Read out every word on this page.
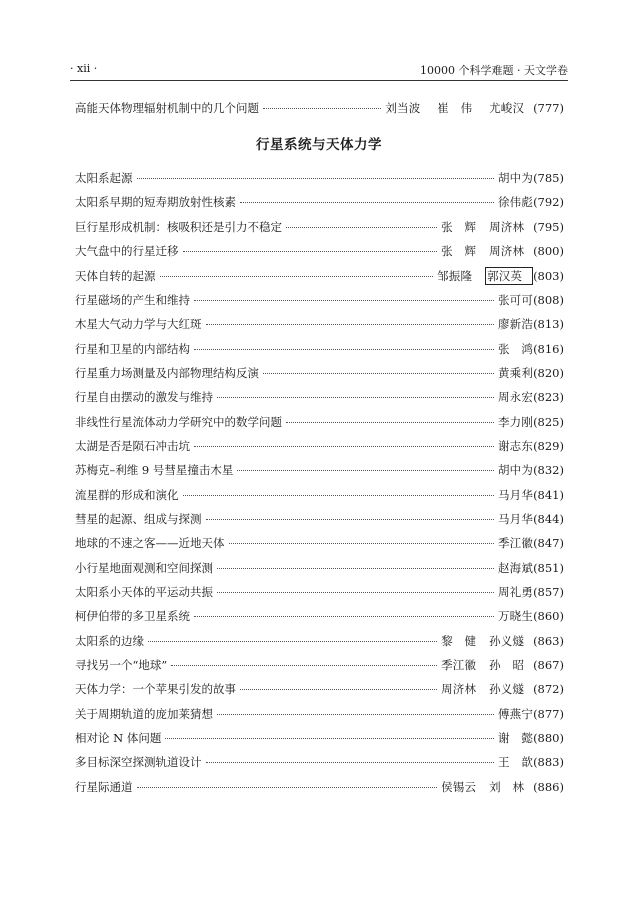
· xii ·	10000 个科学难题 · 天文学卷
高能天体物理辐射机制中的几个问题	刘当波 崔　伟 尤峻汉 (777)
行星系统与天体力学
太阳系起源	胡中为 (785)
太阳系早期的短寿期放射性核素	徐伟彪 (792)
巨行星形成机制：核吸积还是引力不稳定	张　辉 周济林 (795)
大气盘中的行星迁移	张　辉 周济林 (800)
天体自转的起源	邹振隆 郭汉英 (803)
行星磁场的产生和维持	张可可 (808)
木星大气动力学与大红斑	廖新浩 (813)
行星和卫星的内部结构	张　鸿 (816)
行星重力场测量及内部物理结构反演	黄乘利 (820)
行星自由摆动的激发与维持	周永宏 (823)
非线性行星流体动力学研究中的数学问题	李力刚 (825)
太湖是否是陨石冲击坑	谢志东 (829)
苏梅克–利维 9 号彗星撞击木星	胡中为 (832)
流星群的形成和演化	马月华 (841)
彗星的起源、组成与探测	马月华 (844)
地球的不速之客——近地天体	季江徽 (847)
小行星地面观测和空间探测	赵海斌 (851)
太阳系小天体的平运动共振	周礼勇 (857)
柯伊伯带的多卫星系统	万晓生 (860)
太阳系的边缘	黎　健 孙义燧 (863)
寻找另一个“地球”	季江徽 孙　昭 (867)
天体力学：一个苹果引发的故事	周济林 孙义燧 (872)
关于周期轨道的庞加莱猜想	傅燕宁 (877)
相对论 N 体问题	谢　懿 (880)
多目标深空探测轨道设计	王　歆 (883)
行星际通道	侯锡云 刘　林 (886)
